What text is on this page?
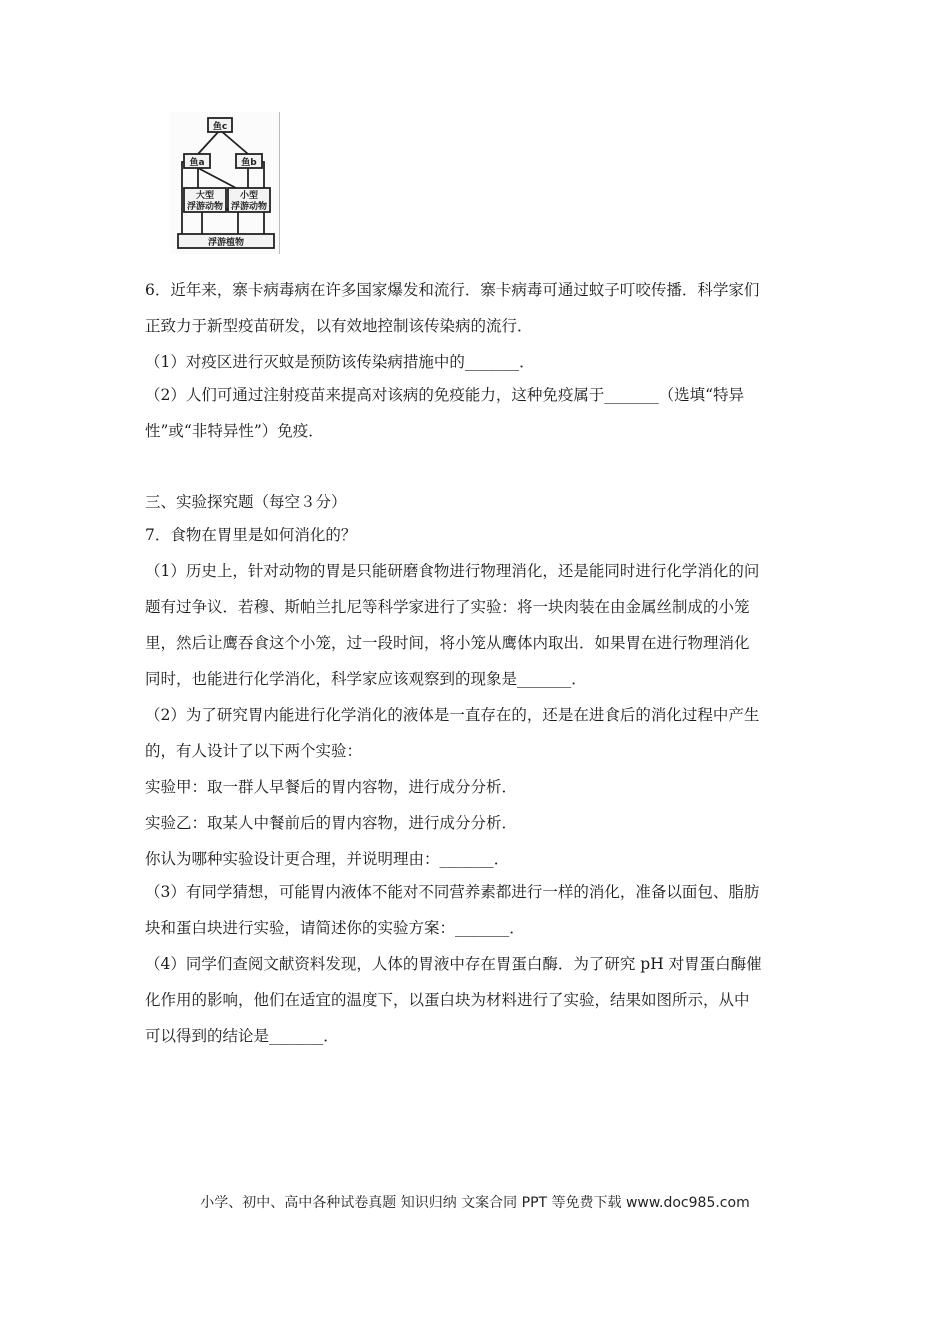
鱼c
鱼a	鱼b
大型
浮游动物
小型
浮游动物
浮游植物
6．近年来，寨卡病毒病在许多国家爆发和流行．寨卡病毒可通过蚊子叮咬传播．科学家们
正致力于新型疫苗研发，以有效地控制该传染病的流行．
（1）对疫区进行灭蚊是预防该传染病措施中的_______．
（2）人们可通过注射疫苗来提高对该病的免疫能力，这种免疫属于_______（选填“特异
性”或“非特异性”）免疫．
三、实验探究题（每空３分）
7．食物在胃里是如何消化的？
（1）历史上，针对动物的胃是只能研磨食物进行物理消化，还是能同时进行化学消化的问
题有过争议．若穆、斯帕兰扎尼等科学家进行了实验：将一块肉装在由金属丝制成的小笼
里，然后让鹰吞食这个小笼，过一段时间，将小笼从鹰体内取出．如果胃在进行物理消化
同时，也能进行化学消化，科学家应该观察到的现象是_______．
（2）为了研究胃内能进行化学消化的液体是一直存在的，还是在进食后的消化过程中产生
的，有人设计了以下两个实验：
实验甲：取一群人早餐后的胃内容物，进行成分分析．
实验乙：取某人中餐前后的胃内容物，进行成分分析．
你认为哪种实验设计更合理，并说明理由：_______．
（3）有同学猜想，可能胃内液体不能对不同营养素都进行一样的消化，准备以面包、脂肪
块和蛋白块进行实验，请简述你的实验方案：_______．
（4）同学们查阅文献资料发现，人体的胃液中存在胃蛋白酶．为了研究 pH 对胃蛋白酶催
化作用的影响，他们在适宜的温度下，以蛋白块为材料进行了实验，结果如图所示，从中
可以得到的结论是_______．
小学、初中、高中各种试卷真题 知识归纳 文案合同 PPT 等免费下载 www.doc985.com
